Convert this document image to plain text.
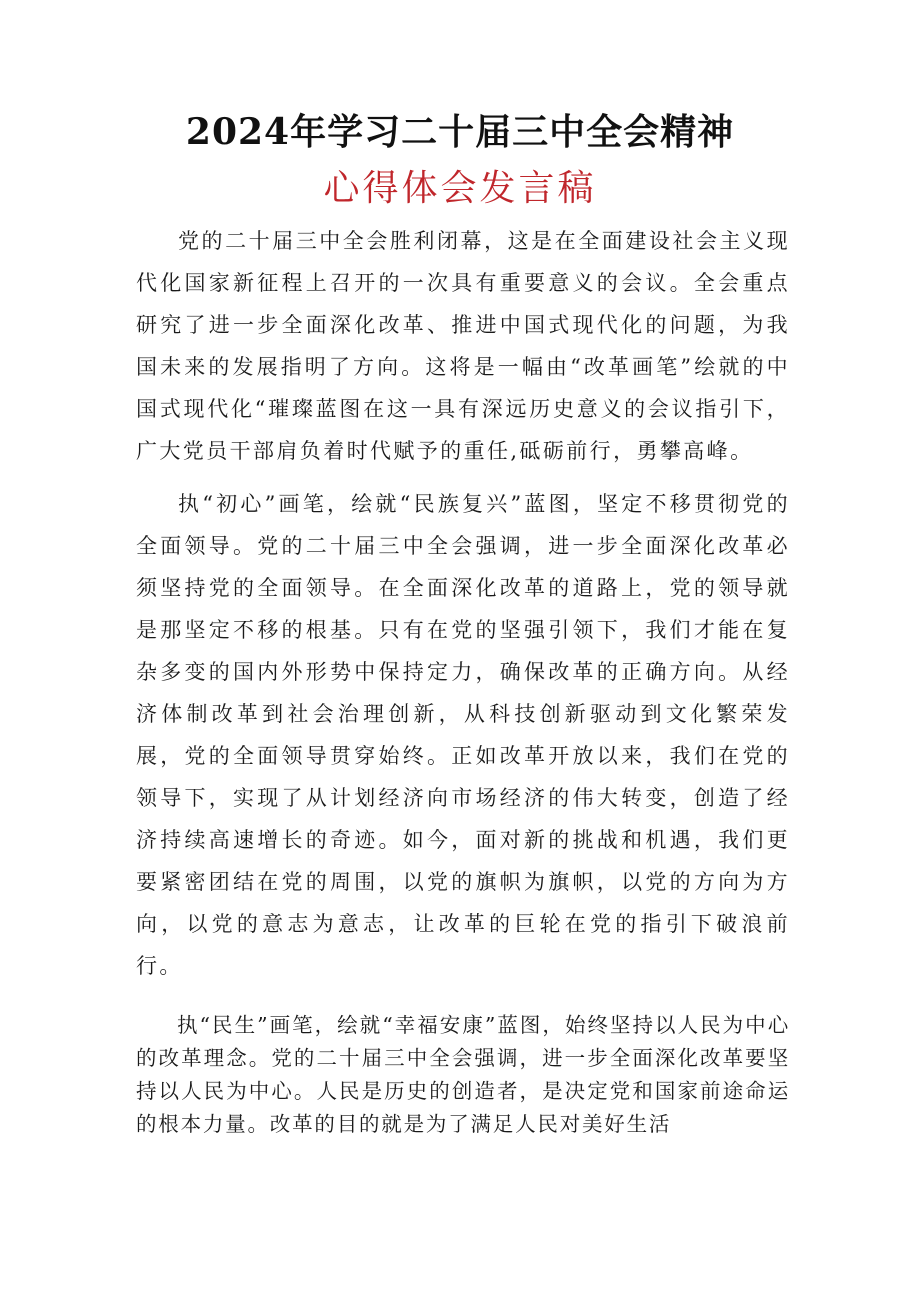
2024年学习二十届三中全会精神
心得体会发言稿

党的二十届三中全会胜利闭幕，这是在全面建设社会主义现代化国家新征程上召开的一次具有重要意义的会议。全会重点研究了进一步全面深化改革、推进中国式现代化的问题，为我国未来的发展指明了方向。这将是一幅由“改革画笔”绘就的中国式现代化“璀璨蓝图在这一具有深远历史意义的会议指引下，广大党员干部肩负着时代赋予的重任,砥砺前行，勇攀高峰。

执“初心”画笔，绘就“民族复兴”蓝图，坚定不移贯彻党的全面领导。党的二十届三中全会强调，进一步全面深化改革必须坚持党的全面领导。在全面深化改革的道路上，党的领导就是那坚定不移的根基。只有在党的坚强引领下，我们才能在复杂多变的国内外形势中保持定力，确保改革的正确方向。从经济体制改革到社会治理创新，从科技创新驱动到文化繁荣发展，党的全面领导贯穿始终。正如改革开放以来，我们在党的领导下，实现了从计划经济向市场经济的伟大转变，创造了经济持续高速增长的奇迹。如今，面对新的挑战和机遇，我们更要紧密团结在党的周围，以党的旗帜为旗帜，以党的方向为方向，以党的意志为意志，让改革的巨轮在党的指引下破浪前行。

执“民生”画笔，绘就“幸福安康”蓝图，始终坚持以人民为中心的改革理念。党的二十届三中全会强调，进一步全面深化改革要坚持以人民为中心。人民是历史的创造者，是决定党和国家前途命运的根本力量。改革的目的就是为了满足人民对美好生活
